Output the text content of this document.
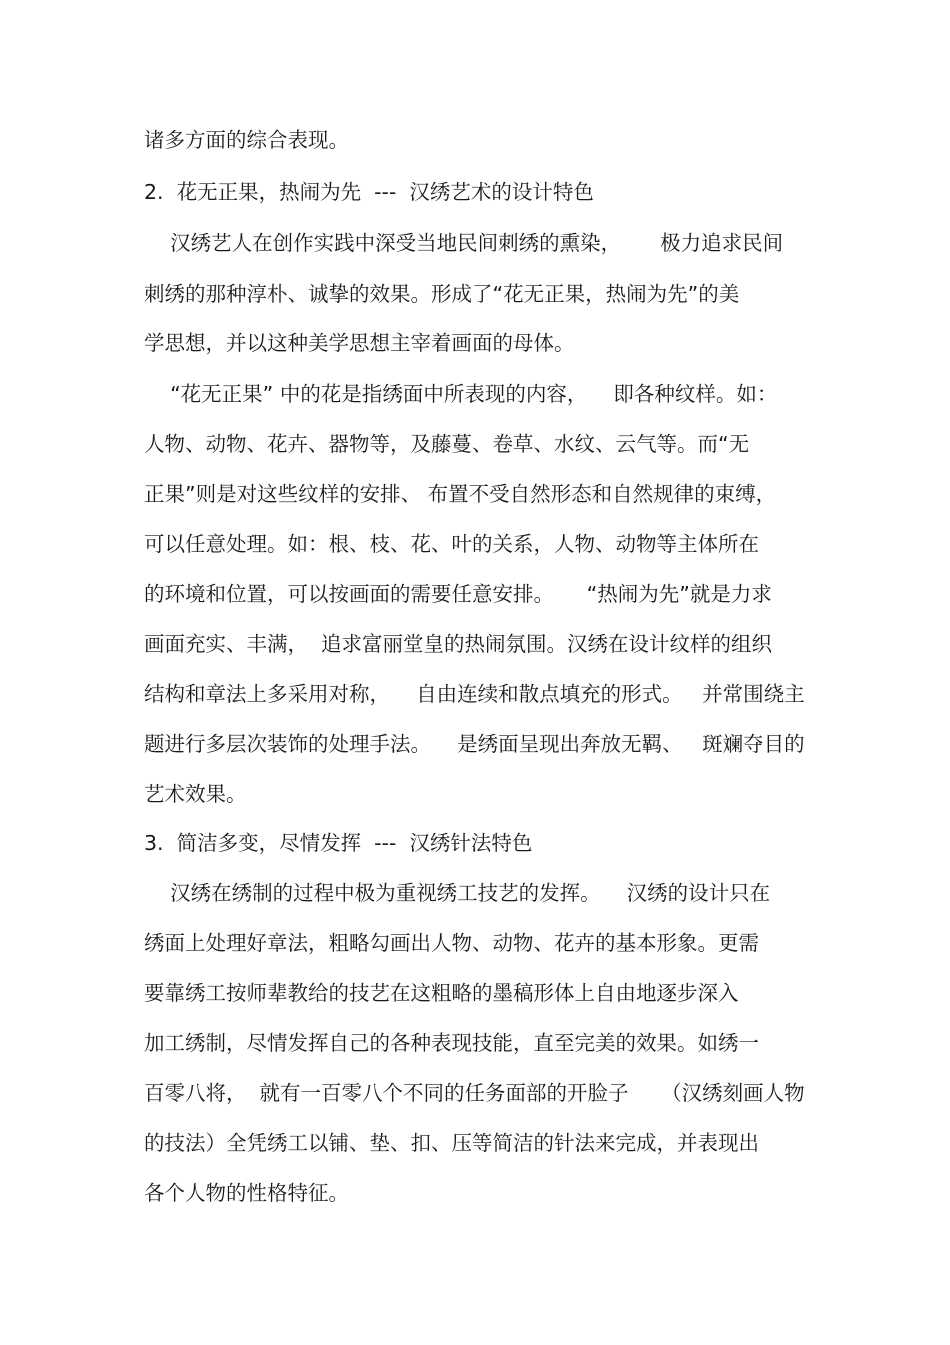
诸多方面的综合表现。
2.  花无正果，热闹为先  ---  汉绣艺术的设计特色
汉绣艺人在创作实践中深受当地民间刺绣的熏染，      极力追求民间
刺绣的那种淳朴、诚挚的效果。形成了“花无正果，热闹为先”的美
学思想，并以这种美学思想主宰着画面的母体。
“花无正果” 中的花是指绣面中所表现的内容，    即各种纹样。如：
人物、动物、花卉、器物等，及藤蔓、卷草、水纹、云气等。而“无
正果”则是对这些纹样的安排、 布置不受自然形态和自然规律的束缚，
可以任意处理。如：根、枝、花、叶的关系，人物、动物等主体所在
的环境和位置，可以按画面的需要任意安排。     “热闹为先”就是力求
画面充实、丰满，  追求富丽堂皇的热闹氛围。汉绣在设计纹样的组织
结构和章法上多采用对称，    自由连续和散点填充的形式。   并常围绕主
题进行多层次装饰的处理手法。    是绣面呈现出奔放无羁、   斑斓夺目的
艺术效果。
3.  简洁多变，尽情发挥  ---  汉绣针法特色
汉绣在绣制的过程中极为重视绣工技艺的发挥。    汉绣的设计只在
绣面上处理好章法，粗略勾画出人物、动物、花卉的基本形象。更需
要靠绣工按师辈教给的技艺在这粗略的墨稿形体上自由地逐步深入
加工绣制，尽情发挥自己的各种表现技能，直至完美的效果。如绣一
百零八将，  就有一百零八个不同的任务面部的开脸子     （汉绣刻画人物
的技法）全凭绣工以铺、垫、扣、压等简洁的针法来完成，并表现出
各个人物的性格特征。
